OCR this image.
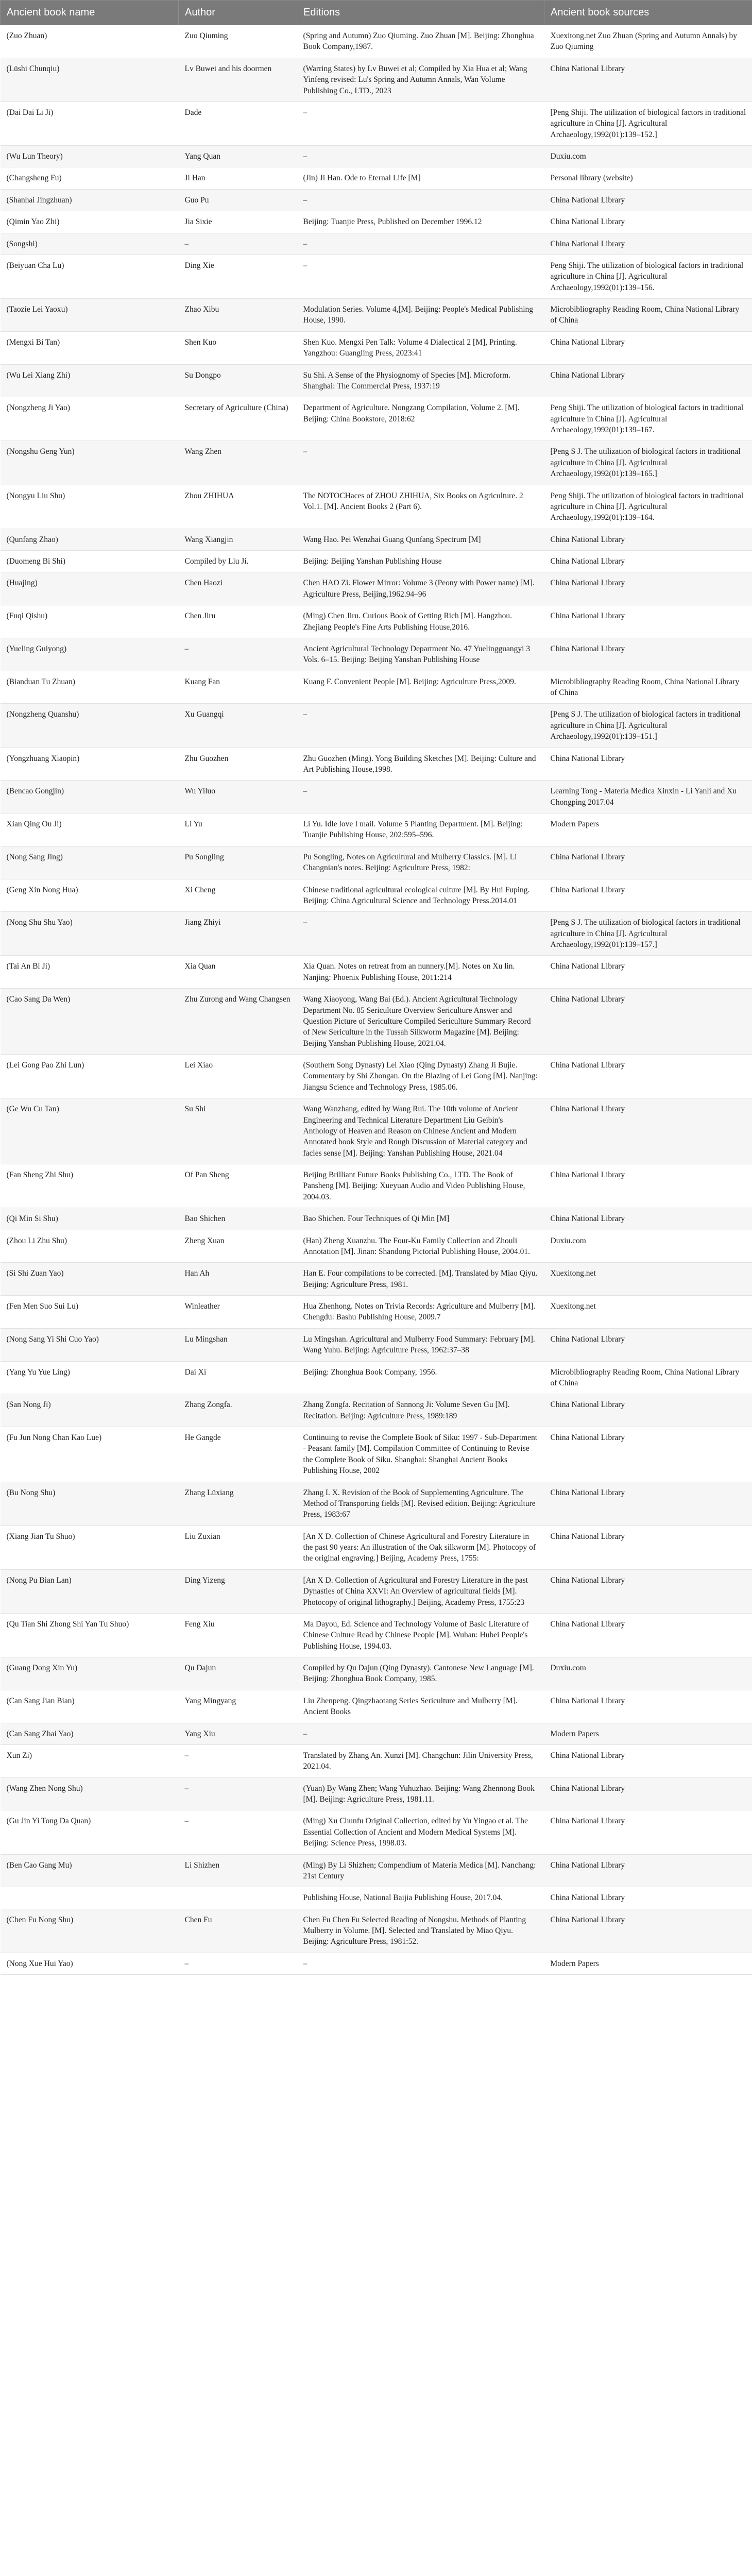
Ancient book name	Author	Editions	Ancient book sources
(Zuo Zhuan)	Zuo Qiuming	(Spring and Autumn) Zuo Qiuming. Zuo Zhuan [M]. Beijing: Zhonghua Book Company,1987.	Xuexitong.net Zuo Zhuan (Spring and Autumn Annals) by Zuo Qiuming
(Lüshi Chunqiu)	Lv Buwei and his doormen	(Warring States) by Lv Buwei et al; Compiled by Xia Hua et al; Wang Yinfeng revised: Lu's Spring and Autumn Annals, Wan Volume Publishing Co., LTD., 2023	China National Library
(Dai Dai Li Ji)	Dade	–	[Peng Shiji. The utilization of biological factors in traditional agriculture in China [J]. Agricultural Archaeology,1992(01):139–152.]
(Wu Lun Theory)	Yang Quan	–	Duxiu.com
(Changsheng Fu)	Ji Han	(Jin) Ji Han. Ode to Eternal Life [M]	Personal library (website)
(Shanhai Jingzhuan)	Guo Pu	–	China National Library
(Qimin Yao Zhi)	Jia Sixie	Beijing: Tuanjie Press, Published on December 1996.12	China National Library
(Songshi)	–	–	China National Library
(Beiyuan Cha Lu)	Ding Xie	–	Peng Shiji. The utilization of biological factors in traditional agriculture in China [J]. Agricultural Archaeology,1992(01):139–156.
(Taozie Lei Yaoxu)	Zhao Xibu	Modulation Series. Volume 4,[M]. Beijing: People's Medical Publishing House, 1990.	Microbibliography Reading Room, China National Library of China
(Mengxi Bi Tan)	Shen Kuo	Shen Kuo. Mengxi Pen Talk: Volume 4 Dialectical 2 [M], Printing. Yangzhou: Guangling Press, 2023:41	China National Library
(Wu Lei Xiang Zhi)	Su Dongpo	Su Shi. A Sense of the Physiognomy of Species [M]. Microform. Shanghai: The Commercial Press, 1937:19	China National Library
(Nongzheng Ji Yao)	Secretary of Agriculture (China)	Department of Agriculture. Nongzang Compilation, Volume 2. [M]. Beijing: China Bookstore, 2018:62	Peng Shiji. The utilization of biological factors in traditional agriculture in China [J]. Agricultural Archaeology,1992(01):139–167.
(Nongshu Geng Yun)	Wang Zhen	–	[Peng S J. The utilization of biological factors in traditional agriculture in China [J]. Agricultural Archaeology,1992(01):139–165.]
(Nongyu Liu Shu)	Zhou ZHIHUA	The NOTOCHaces of ZHOU ZHIHUA, Six Books on Agriculture. 2 Vol.1. [M]. Ancient Books 2 (Part 6).	Peng Shiji. The utilization of biological factors in traditional agriculture in China [J]. Agricultural Archaeology,1992(01):139–164.
(Qunfang Zhao)	Wang Xiangjin	Wang Hao. Pei Wenzhai Guang Qunfang Spectrum [M]	China National Library
(Duomeng Bi Shi)	Compiled by Liu Ji.	Beijing: Beijing Yanshan Publishing House	China National Library
(Huajing)	Chen Haozi	Chen HAO Zi. Flower Mirror: Volume 3 (Peony with Power name) [M]. Agriculture Press, Beijing,1962.94–96	China National Library
(Fuqi Qishu)	Chen Jiru	(Ming) Chen Jiru. Curious Book of Getting Rich [M]. Hangzhou. Zhejiang People's Fine Arts Publishing House,2016.	China National Library
(Yueling Guiyong)	–	Ancient Agricultural Technology Department No. 47 Yuelingguangyi 3 Vols. 6–15. Beijing: Beijing Yanshan Publishing House	China National Library
(Bianduan Tu Zhuan)	Kuang Fan	Kuang F. Convenient People [M]. Beijing: Agriculture Press,2009.	Microbibliography Reading Room, China National Library of China
(Nongzheng Quanshu)	Xu Guangqi	–	[Peng S J. The utilization of biological factors in traditional agriculture in China [J]. Agricultural Archaeology,1992(01):139–151.]
(Yongzhuang Xiaopin)	Zhu Guozhen	Zhu Guozhen (Ming). Yong Building Sketches [M]. Beijing: Culture and Art Publishing House,1998.	China National Library
(Bencao Gongjin)	Wu Yiluo	–	Learning Tong - Materia Medica Xinxin - Li Yanli and Xu Chongping 2017.04
Xian Qing Ou Ji)	Li Yu	Li Yu. Idle love I mail. Volume 5 Planting Department. [M]. Beijing: Tuanjie Publishing House, 202:595–596.	Modern Papers
(Nong Sang Jing)	Pu Songling	Pu Songling, Notes on Agricultural and Mulberry Classics. [M]. Li Changnian's notes. Beijing: Agriculture Press, 1982:	China National Library
(Geng Xin Nong Hua)	Xi Cheng	Chinese traditional agricultural ecological culture [M]. By Hui Fuping. Beijing: China Agricultural Science and Technology Press.2014.01	China National Library
(Nong Shu Shu Yao)	Jiang Zhiyi	–	[Peng S J. The utilization of biological factors in traditional agriculture in China [J]. Agricultural Archaeology,1992(01):139–157.]
(Tai An Bi Ji)	Xia Quan	Xia Quan. Notes on retreat from an nunnery.[M]. Notes on Xu lin. Nanjing: Phoenix Publishing House, 2011:214	China National Library
(Cao Sang Da Wen)	Zhu Zurong and Wang Changsen	Wang Xiaoyong, Wang Bai (Ed.). Ancient Agricultural Technology Department No. 85 Sericulture Overview Sericulture Answer and Question Picture of Sericulture Compiled Sericulture Summary Record of New Sericulture in the Tussah Silkworm Magazine [M]. Beijing: Beijing Yanshan Publishing House, 2021.04.	China National Library
(Lei Gong Pao Zhi Lun)	Lei Xiao	(Southern Song Dynasty) Lei Xiao (Qing Dynasty) Zhang Ji Bujie. Commentary by Shi Zhongan. On the Blazing of Lei Gong [M]. Nanjing: Jiangsu Science and Technology Press, 1985.06.	China National Library
(Ge Wu Cu Tan)	Su Shi	Wang Wanzhang, edited by Wang Rui. The 10th volume of Ancient Engineering and Technical Literature Department Liu Geibin's Anthology of Heaven and Reason on Chinese Ancient and Modern Annotated book Style and Rough Discussion of Material category and facies sense [M]. Beijing: Yanshan Publishing House, 2021.04	China National Library
(Fan Sheng Zhi Shu)	Of Pan Sheng	Beijing Brilliant Future Books Publishing Co., LTD. The Book of Pansheng [M]. Beijing: Xueyuan Audio and Video Publishing House, 2004.03.	China National Library
(Qi Min Si Shu)	Bao Shichen	Bao Shichen. Four Techniques of Qi Min [M]	China National Library
(Zhou Li Zhu Shu)	Zheng Xuan	(Han) Zheng Xuanzhu. The Four-Ku Family Collection and Zhouli Annotation [M]. Jinan: Shandong Pictorial Publishing House, 2004.01.	Duxiu.com
(Si Shi Zuan Yao)	Han Ah	Han E. Four compilations to be corrected. [M]. Translated by Miao Qiyu. Beijing: Agriculture Press, 1981.	Xuexitong.net
(Fen Men Suo Sui Lu)	Winleather	Hua Zhenhong. Notes on Trivia Records: Agriculture and Mulberry [M]. Chengdu: Bashu Publishing House, 2009.7	Xuexitong.net
(Nong Sang Yi Shi Cuo Yao)	Lu Mingshan	Lu Mingshan. Agricultural and Mulberry Food Summary: February [M]. Wang Yuhu. Beijing: Agriculture Press, 1962:37–38	China National Library
(Yang Yu Yue Ling)	Dai Xi	Beijing: Zhonghua Book Company, 1956.	Microbibliography Reading Room, China National Library of China
(San Nong Ji)	Zhang Zongfa.	Zhang Zongfa. Recitation of Sannong Ji: Volume Seven Gu [M]. Recitation. Beijing: Agriculture Press, 1989:189	China National Library
(Fu Jun Nong Chan Kao Lue)	He Gangde	Continuing to revise the Complete Book of Siku: 1997 - Sub-Department - Peasant family [M]. Compilation Committee of Continuing to Revise the Complete Book of Siku. Shanghai: Shanghai Ancient Books Publishing House, 2002	China National Library
(Bu Nong Shu)	Zhang Lüxiang	Zhang L X. Revision of the Book of Supplementing Agriculture. The Method of Transporting fields [M]. Revised edition. Beijing: Agriculture Press, 1983:67	China National Library
(Xiang Jian Tu Shuo)	Liu Zuxian	[An X D. Collection of Chinese Agricultural and Forestry Literature in the past 90 years: An illustration of the Oak silkworm [M]. Photocopy of the original engraving.] Beijing, Academy Press, 1755:	China National Library
(Nong Pu Bian Lan)	Ding Yizeng	[An X D. Collection of Agricultural and Forestry Literature in the past Dynasties of China XXVI: An Overview of agricultural fields [M]. Photocopy of original lithography.] Beijing, Academy Press, 1755:23	China National Library
(Qu Tian Shi Zhong Shi Yan Tu Shuo)	Feng Xiu	Ma Dayou, Ed. Science and Technology Volume of Basic Literature of Chinese Culture Read by Chinese People [M]. Wuhan: Hubei People's Publishing House, 1994.03.	China National Library
(Guang Dong Xin Yu)	Qu Dajun	Compiled by Qu Dajun (Qing Dynasty). Cantonese New Language [M]. Beijing: Zhonghua Book Company, 1985.	Duxiu.com
(Can Sang Jian Bian)	Yang Mingyang	Liu Zhenpeng. Qingzhaotang Series Sericulture and Mulberry [M]. Ancient Books	China National Library
(Can Sang Zhai Yao)	Yang Xiu	–	Modern Papers
Xun Zi)	–	Translated by Zhang An. Xunzi [M]. Changchun: Jilin University Press, 2021.04.	China National Library
(Wang Zhen Nong Shu)	–	(Yuan) By Wang Zhen; Wang Yuhuzhao. Beijing: Wang Zhennong Book [M]. Beijing: Agriculture Press, 1981.11.	China National Library
(Gu Jin Yi Tong Da Quan)	–	(Ming) Xu Chunfu Original Collection, edited by Yu Yingao et al. The Essential Collection of Ancient and Modern Medical Systems [M]. Beijing: Science Press, 1998.03.	China National Library
(Ben Cao Gang Mu)	Li Shizhen	(Ming) By Li Shizhen; Compendium of Materia Medica [M]. Nanchang: 21st Century	China National Library
		Publishing House, National Baijia Publishing House, 2017.04.	China National Library
(Chen Fu Nong Shu)	Chen Fu	Chen Fu Chen Fu Selected Reading of Nongshu. Methods of Planting Mulberry in Volume. [M]. Selected and Translated by Miao Qiyu. Beijing: Agriculture Press, 1981:52.	China National Library
(Nong Xue Hui Yao)	–	–	Modern Papers
